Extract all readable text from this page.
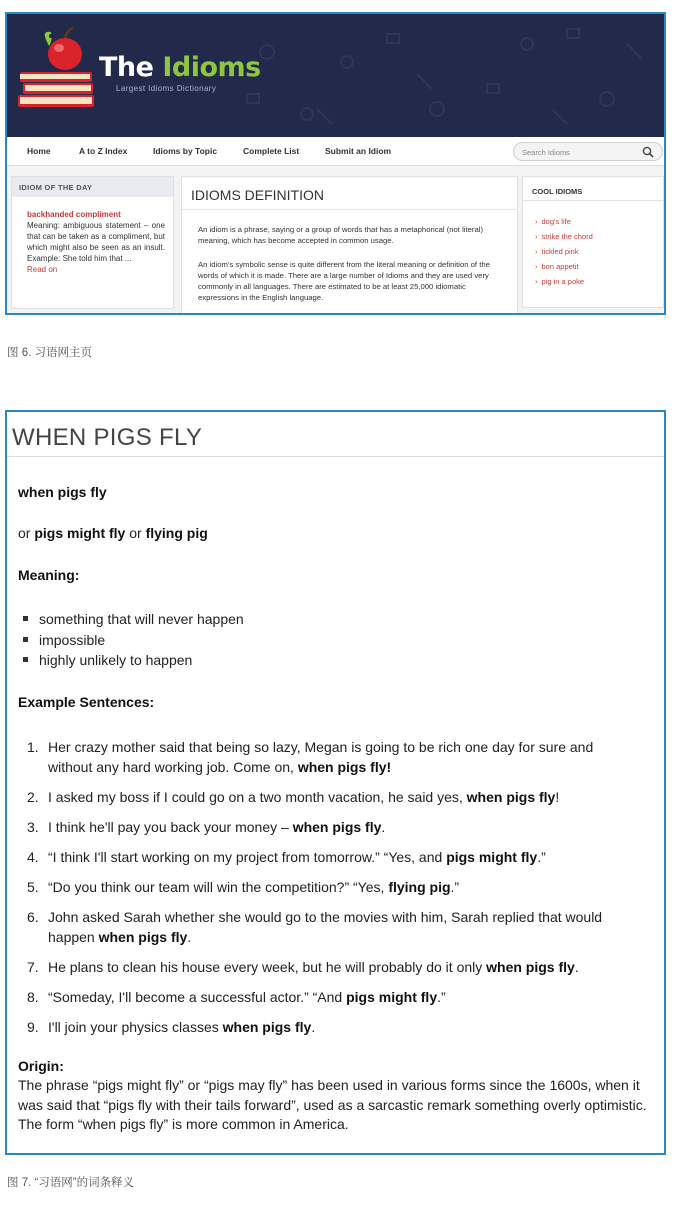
The Idioms
Largest Idioms Dictionary
Home	A to Z Index	Idioms by Topic	Complete List	Submit an Idiom	Search Idioms
IDIOM OF THE DAY
backhanded compliment
Meaning: ambiguous statement – one that can be taken as a compliment, but which might also be seen as an insult. Example: She told him that ...
Read on
IDIOMS DEFINITION

An idiom is a phrase, saying or a group of words that has a metaphorical (not literal) meaning, which has become accepted in common usage.

An idiom's symbolic sense is quite different from the literal meaning or definition of the words of which it is made. There are a large number of Idioms and they are used very commonly in all languages. There are estimated to be at least 25,000 idiomatic expressions in the English language.

COOL IDIOMS
› dog's life
› strike the chord
› tickled pink
› bon appetit
› pig in a poke
图 6. 习语网主页
WHEN PIGS FLY
when pigs fly
or pigs might fly or flying pig
Meaning:
something that will never happen
impossible
highly unlikely to happen
Example Sentences:
1. Her crazy mother said that being so lazy, Megan is going to be rich one day for sure and without any hard working job. Come on, when pigs fly!
2. I asked my boss if I could go on a two month vacation, he said yes, when pigs fly!
3. I think he'll pay you back your money – when pigs fly.
4. “I think I'll start working on my project from tomorrow.” “Yes, and pigs might fly.”
5. “Do you think our team will win the competition?” “Yes, flying pig.”
6. John asked Sarah whether she would go to the movies with him, Sarah replied that would happen when pigs fly.
7. He plans to clean his house every week, but he will probably do it only when pigs fly.
8. “Someday, I'll become a successful actor.” “And pigs might fly.”
9. I'll join your physics classes when pigs fly.
Origin:
The phrase “pigs might fly” or “pigs may fly” has been used in various forms since the 1600s, when it was said that “pigs fly with their tails forward”, used as a sarcastic remark something overly optimistic. The form “when pigs fly” is more common in America.
图 7. “习语网”的词条释义
